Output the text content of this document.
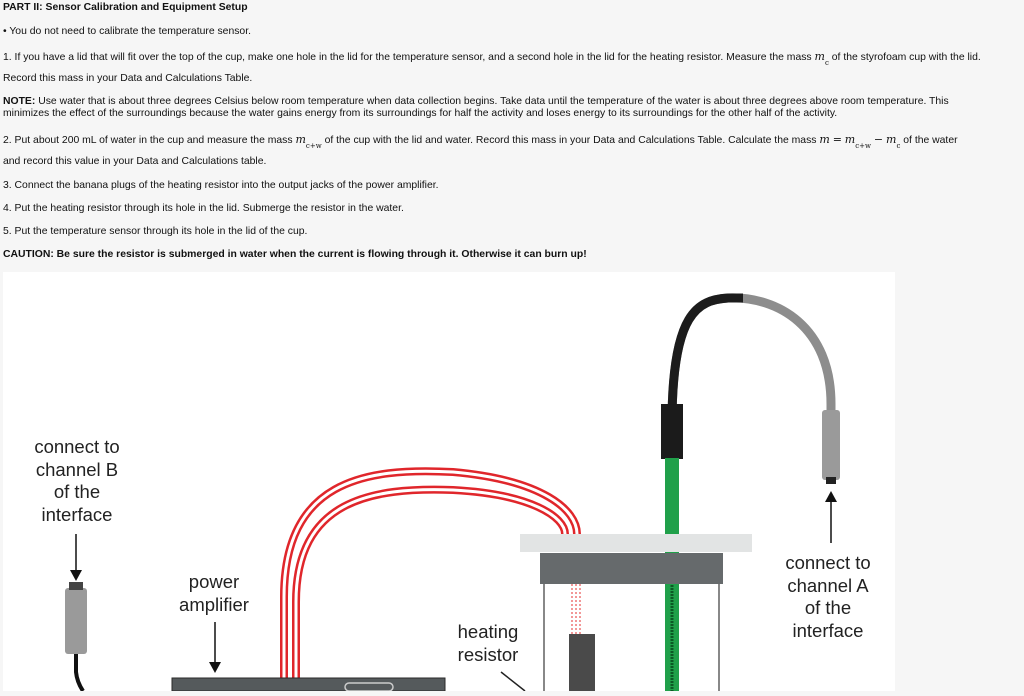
PART II: Sensor Calibration and Equipment Setup
• You do not need to calibrate the temperature sensor.
1. If you have a lid that will fit over the top of the cup, make one hole in the lid for the temperature sensor, and a second hole in the lid for the heating resistor. Measure the mass $m_c$ of the styrofoam cup with the lid.
Record this mass in your Data and Calculations Table.
NOTE: Use water that is about three degrees Celsius below room temperature when data collection begins. Take data until the temperature of the water is about three degrees above room temperature. This
minimizes the effect of the surroundings because the water gains energy from its surroundings for half the activity and loses energy to its surroundings for the other half of the activity.
2. Put about 200 mL of water in the cup and measure the mass $m_{c+w}$ of the cup with the lid and water. Record this mass in your Data and Calculations Table. Calculate the mass $m = m_{c+w} - m_c$ of the water
and record this value in your Data and Calculations table.
3. Connect the banana plugs of the heating resistor into the output jacks of the power amplifier.
4. Put the heating resistor through its hole in the lid. Submerge the resistor in the water.
5. Put the temperature sensor through its hole in the lid of the cup.
CAUTION: Be sure the resistor is submerged in water when the current is flowing through it. Otherwise it can burn up!
connect to
channel B
of the
interface
power
amplifier
heating
resistor
connect to
channel A
of the
interface
